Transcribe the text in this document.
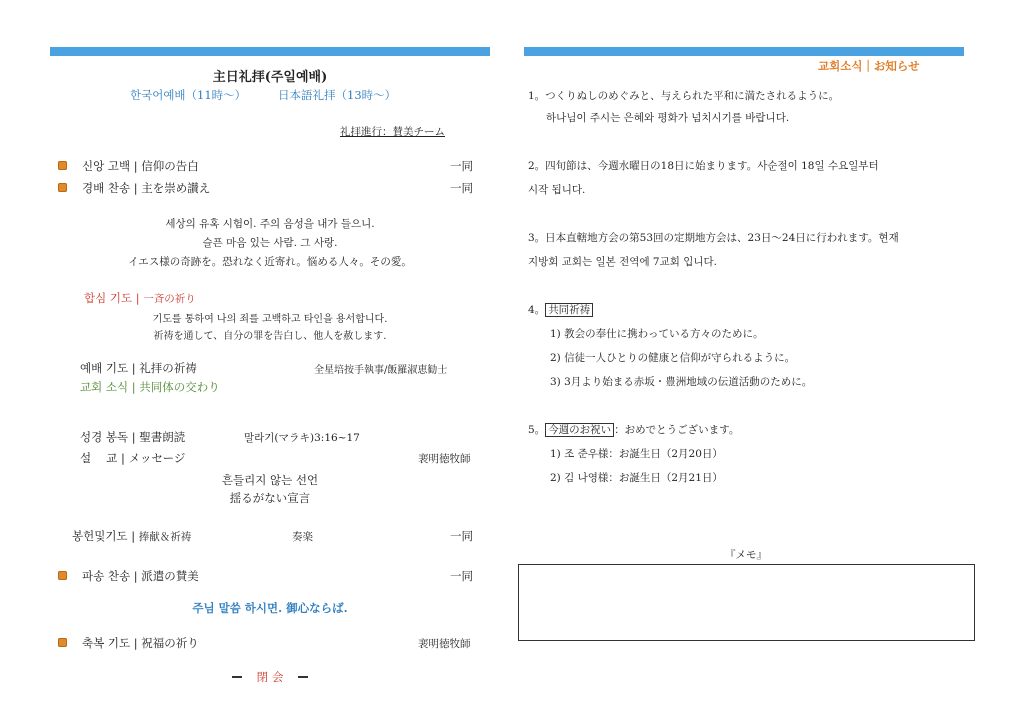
主日礼拝(주일예배)
한국어예배（11時〜）	日本語礼拝（13時〜）
礼拝進行：賛美チーム
신앙 고백 | 信仰の告白	一同
경배 찬송 | 主を崇め讃え	一同
세상의 유혹 시험이. 주의 음성을 내가 들으니.
슬픈 마음 있는 사람. 그 사랑.
イエス様の奇跡を。恐れなく近寄れ。悩める人々。その愛。
합심 기도 | 一斉の祈り
기도를 통하여 나의 죄를 고백하고 타인을 용서합니다.
祈祷を通して、自分の罪を告白し、他人を赦します.
예배 기도 | 礼拝の祈祷	全星培按手執事/飯羅淑恵勧士
교회 소식 | 共同体の交わり
성경 봉독 | 聖書朗読	말라기(マラキ)3:16~17
설　 교 | メッセージ	裵明徳牧師
흔들리지 않는 선언
揺るがない宣言
봉헌및기도 | 捧献＆祈祷	奏楽	一同
파송 찬송 | 派遣の賛美	一同
주님 말씀 하시면. 御心ならば.
축복 기도 | 祝福の祈り	裵明徳牧師
閉 会
교회소식｜お知らせ
1。つくりぬしのめぐみと、与えられた平和に満たされるように。
하나님이 주시는 은혜와 평화가 넘치시기를 바랍니다.
2。四旬節は、今週水曜日の18日に始まります。사순절이 18일 수요일부터
시작 됩니다.
3。日本直轄地方会の第53回の定期地方会は、23日〜24日に行われます。현재
지방회 교회는 일본 전역에 7교회 입니다.
4。 共同祈祷
1) 教会の奉仕に携わっている方々のために。
2) 信徒一人ひとりの健康と信仰が守られるように。
3) 3月より始まる赤坂・豊洲地域の伝道活動のために。
5。 今週のお祝い ：おめでとうございます。
1) 조 준우様：お誕生日（2月20日）
2) 김 나영様：お誕生日（2月21日）
『メモ』
